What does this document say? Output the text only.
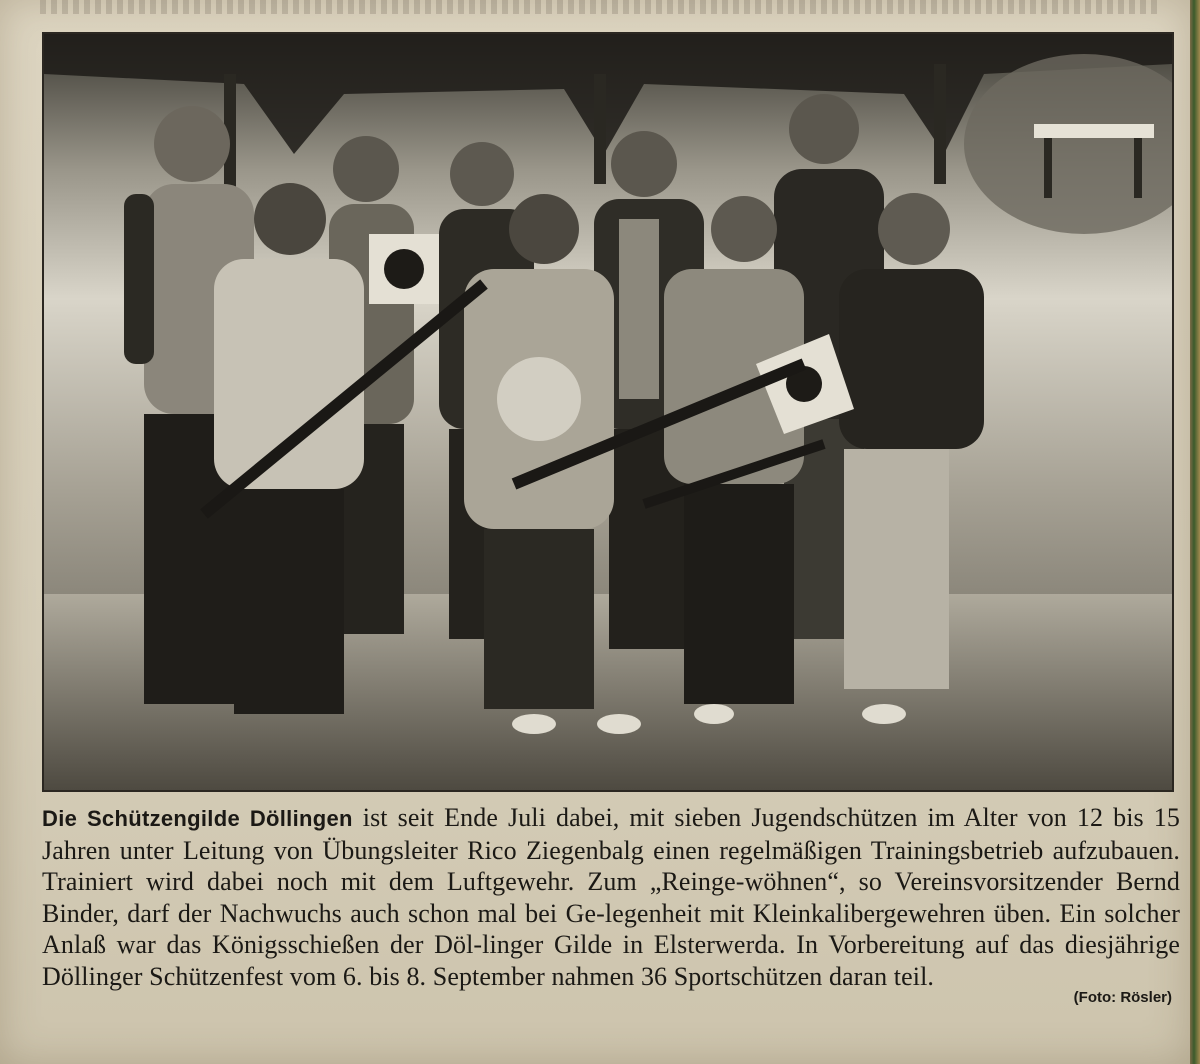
Die Schützengilde Döllingen ist seit Ende Juli dabei, mit sieben Jugendschützen im Alter von 12 bis 15 Jahren unter Leitung von Übungsleiter Rico Ziegenbalg einen regelmäßigen Trainingsbetrieb aufzubauen. Trainiert wird dabei noch mit dem Luftgewehr. Zum „Reinge-wöhnen“, so Vereinsvorsitzender Bernd Binder, darf der Nachwuchs auch schon mal bei Ge-legenheit mit Kleinkalibergewehren üben. Ein solcher Anlaß war das Königsschießen der Döl-linger Gilde in Elsterwerda. In Vorbereitung auf das diesjährige Döllinger Schützenfest vom 6. bis 8. September nahmen 36 Sportschützen daran teil.
(Foto: Rösler)
